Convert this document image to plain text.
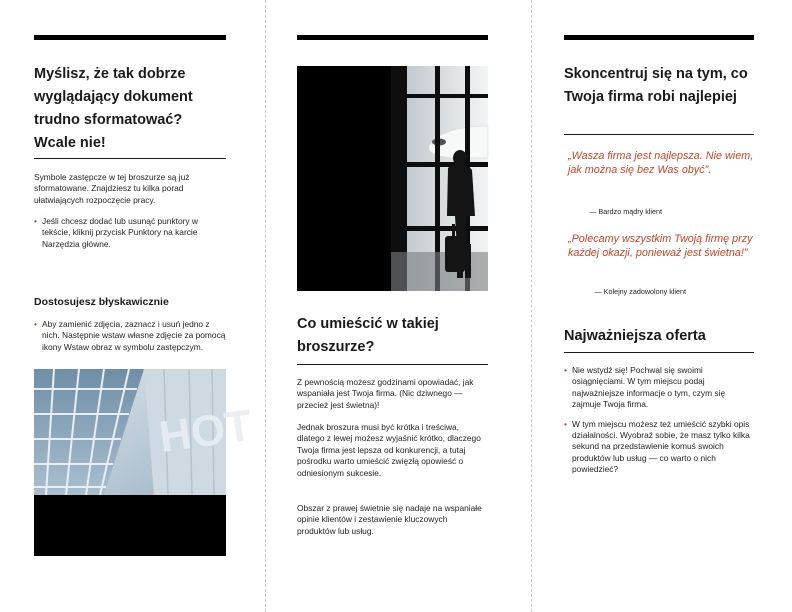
Myślisz, że tak dobrze wyglądający dokument trudno sformatować? Wcale nie!

Symbole zastępcze w tej broszurze są już sformatowane. Znajdziesz tu kilka porad ułatwiających rozpoczęcie pracy.

• Jeśli chcesz dodać lub usunąć punktory w tekście, kliknij przycisk Punktory na karcie Narzędzia główne.
Dostosujesz błyskawicznie
• Aby zamienić zdjęcia, zaznacz i usuń jedno z nich. Następnie wstaw własne zdjęcie za pomocą ikony Wstaw obraz w symbolu zastępczym.
HOT
Co umieścić w takiej broszurze?

Z pewnością możesz godzinami opowiadać, jak wspaniała jest Twoja firma. (Nic dziwnego — przecież jest świetna)!

Jednak broszura musi być krótka i treściwa, dlatego z lewej możesz wyjaśnić krótko, dlaczego Twoja firma jest lepsza od konkurencji, a tutaj pośrodku warto umieścić zwięzłą opowieść o odniesionym sukcesie.

Obszar z prawej świetnie się nadaje na wspaniałe opinie klientów i zestawienie kluczowych produktów lub usług.

Skoncentruj się na tym, co Twoja firma robi najlepiej

„Wasza firma jest najlepsza. Nie wiem, jak można się bez Was obyć”.

— Bardzo mądry klient

„Polecamy wszystkim Twoją firmę przy każdej okazji, ponieważ jest świetna!”

— Kolejny zadowolony klient

Najważniejsza oferta
• Nie wstydź się! Pochwal się swoimi osiągnięciami. W tym miejscu podaj najważniejsze informacje o tym, czym się zajmuje Twoja firma.
• W tym miejscu możesz też umieścić szybki opis działalności. Wyobraź sobie, że masz tylko kilka sekund na przedstawienie komuś swoich produktów lub usług — co warto o nich powiedzieć?
